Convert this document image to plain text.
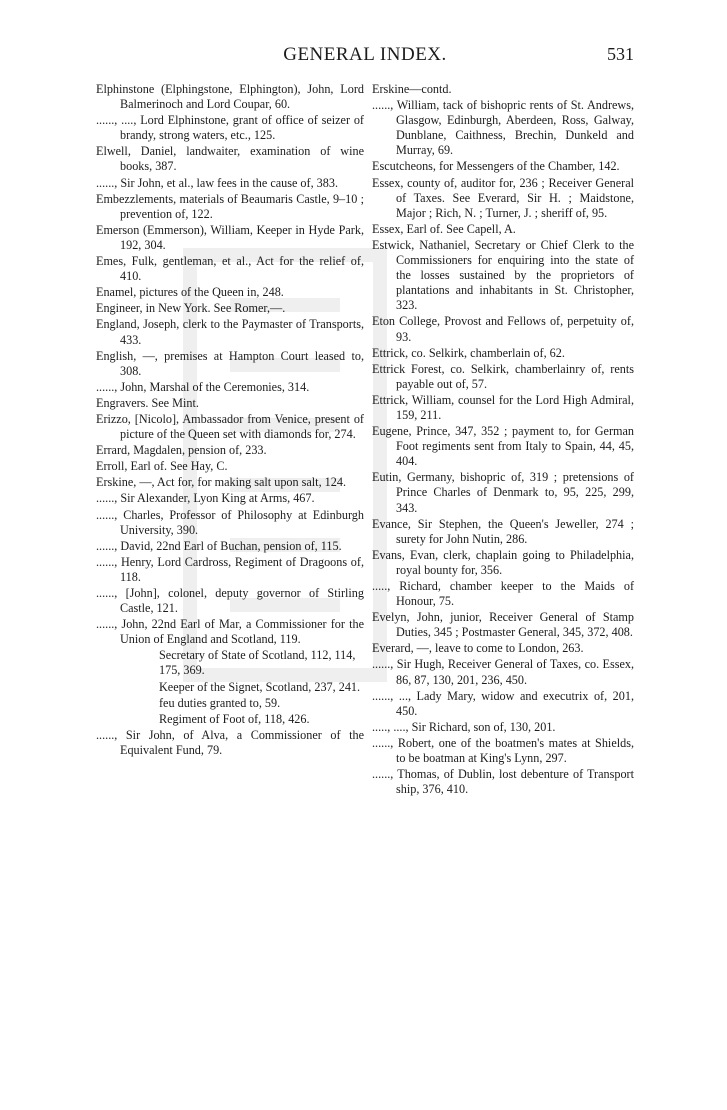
GENERAL INDEX.	531

Elphinstone (Elphingstone, Elphington), John, Lord Balmerinoch and Lord Coupar, 60.

......, ...., Lord Elphinstone, grant of office of seizer of brandy, strong waters, etc., 125.

Elwell, Daniel, landwaiter, examination of wine books, 387.

......, Sir John, et al., law fees in the cause of, 383.

Embezzlements, materials of Beaumaris Castle, 9–10 ; prevention of, 122.

Emerson (Emmerson), William, Keeper in Hyde Park, 192, 304.

Emes, Fulk, gentleman, et al., Act for the relief of, 410.

Enamel, pictures of the Queen in, 248.

Engineer, in New York. See Romer,—.

England, Joseph, clerk to the Paymaster of Transports, 433.

English, —, premises at Hampton Court leased to, 308.

......, John, Marshal of the Ceremonies, 314.

Engravers. See Mint.

Erizzo, [Nicolo], Ambassador from Venice, present of picture of the Queen set with diamonds for, 274.

Errard, Magdalen, pension of, 233.

Erroll, Earl of. See Hay, C.

Erskine, —, Act for, for making salt upon salt, 124.

......, Sir Alexander, Lyon King at Arms, 467.

......, Charles, Professor of Philosophy at Edinburgh University, 390.

......, David, 22nd Earl of Buchan, pension of, 115.

......, Henry, Lord Cardross, Regiment of Dragoons of, 118.

......, [John], colonel, deputy governor of Stirling Castle, 121.

......, John, 22nd Earl of Mar, a Commissioner for the Union of England and Scotland, 119.

Secretary of State of Scotland, 112, 114, 175, 369.

Keeper of the Signet, Scotland, 237, 241.

feu duties granted to, 59.

Regiment of Foot of, 118, 426.

......, Sir John, of Alva, a Commissioner of the Equivalent Fund, 79.

Erskine—contd.

......, William, tack of bishopric rents of St. Andrews, Glasgow, Edinburgh, Aberdeen, Ross, Galway, Dunblane, Caithness, Brechin, Dunkeld and Murray, 69.

Escutcheons, for Messengers of the Chamber, 142.

Essex, county of, auditor for, 236 ; Receiver General of Taxes. See Everard, Sir H. ; Maidstone, Major ; Rich, N. ; Turner, J. ; sheriff of, 95.

Essex, Earl of. See Capell, A.

Estwick, Nathaniel, Secretary or Chief Clerk to the Commissioners for enquiring into the state of the losses sustained by the proprietors of plantations and inhabitants in St. Christopher, 323.

Eton College, Provost and Fellows of, perpetuity of, 93.

Ettrick, co. Selkirk, chamberlain of, 62.

Ettrick Forest, co. Selkirk, chamberlainry of, rents payable out of, 57.

Ettrick, William, counsel for the Lord High Admiral, 159, 211.

Eugene, Prince, 347, 352 ; payment to, for German Foot regiments sent from Italy to Spain, 44, 45, 404.

Eutin, Germany, bishopric of, 319 ; pretensions of Prince Charles of Denmark to, 95, 225, 299, 343.

Evance, Sir Stephen, the Queen's Jeweller, 274 ; surety for John Nutin, 286.

Evans, Evan, clerk, chaplain going to Philadelphia, royal bounty for, 356.

....., Richard, chamber keeper to the Maids of Honour, 75.

Evelyn, John, junior, Receiver General of Stamp Duties, 345 ; Postmaster General, 345, 372, 408.

Everard, —, leave to come to London, 263.

......, Sir Hugh, Receiver General of Taxes, co. Essex, 86, 87, 130, 201, 236, 450.

......, ..., Lady Mary, widow and executrix of, 201, 450.

....., ...., Sir Richard, son of, 130, 201.

......, Robert, one of the boatmen's mates at Shields, to be boatman at King's Lynn, 297.

......, Thomas, of Dublin, lost debenture of Transport ship, 376, 410.
